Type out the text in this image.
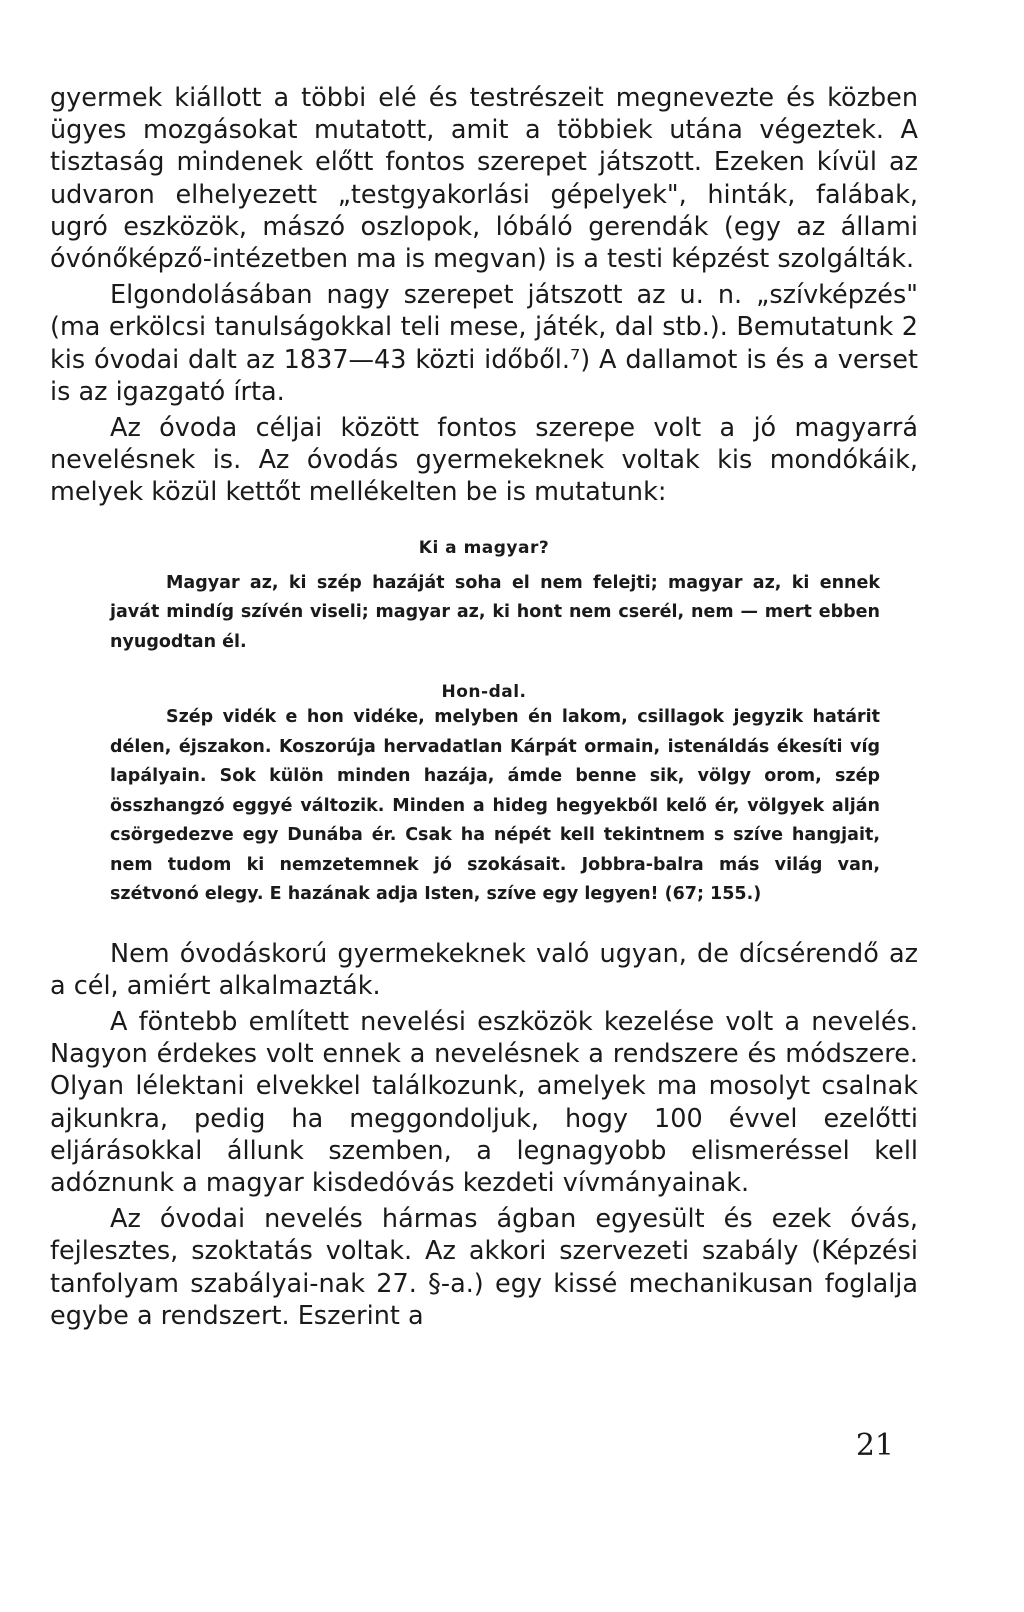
gyermek kiállott a többi elé és testrészeit megnevezte és közben ügyes mozgásokat mutatott, amit a többiek utána végeztek. A tisztaság mindenek előtt fontos szerepet játszott. Ezeken kívül az udvaron elhelyezett „testgyakorlási gépelyek", hinták, falábak, ugró eszközök, mászó oszlopok, lóbáló gerendák (egy az állami óvónőképző-intézetben ma is megvan) is a testi képzést szolgálták.

Elgondolásában nagy szerepet játszott az u. n. „szívképzés" (ma erkölcsi tanulságokkal teli mese, játék, dal stb.). Bemutatunk 2 kis óvodai dalt az 1837—43 közti időből.⁷) A dallamot is és a verset is az igazgató írta.

Az óvoda céljai között fontos szerepe volt a jó magyarrá nevelésnek is. Az óvodás gyermekeknek voltak kis mondókáik, melyek közül kettőt mellékelten be is mutatunk:

Ki a magyar?

Magyar az, ki szép hazáját soha el nem felejti; magyar az, ki ennek javát mindíg szívén viseli; magyar az, ki hont nem cserél, nem — mert ebben nyugodtan él.

Hon-dal.

Szép vidék e hon vidéke, melyben én lakom, csillagok jegyzik határit délen, éjszakon. Koszorúja hervadatlan Kárpát ormain, istenáldás ékesíti víg lapályain. Sok külön minden hazája, ámde benne sik, völgy orom, szép összhangzó eggyé változik. Minden a hideg hegyekből kelő ér, völgyek alján csörgedezve egy Dunába ér. Csak ha népét kell tekintnem s szíve hangjait, nem tudom ki nemzetemnek jó szokásait. Jobbra-balra más világ van, szétvonó elegy. E hazának adja Isten, szíve egy legyen! (67; 155.)

Nem óvodáskorú gyermekeknek való ugyan, de dícsérendő az a cél, amiért alkalmazták.

A föntebb említett nevelési eszközök kezelése volt a nevelés. Nagyon érdekes volt ennek a nevelésnek a rendszere és módszere. Olyan lélektani elvekkel találkozunk, amelyek ma mosolyt csalnak ajkunkra, pedig ha meggondoljuk, hogy 100 évvel ezelőtti eljárásokkal állunk szemben, a legnagyobb elismeréssel kell adóznunk a magyar kisdedóvás kezdeti vívmányainak.

Az óvodai nevelés hármas ágban egyesült és ezek óvás, fejlesztes, szoktatás voltak. Az akkori szervezeti szabály (Képzési tanfolyam szabályai-nak 27. §-a.) egy kissé mechanikusan foglalja egybe a rendszert. Eszerint a

21
